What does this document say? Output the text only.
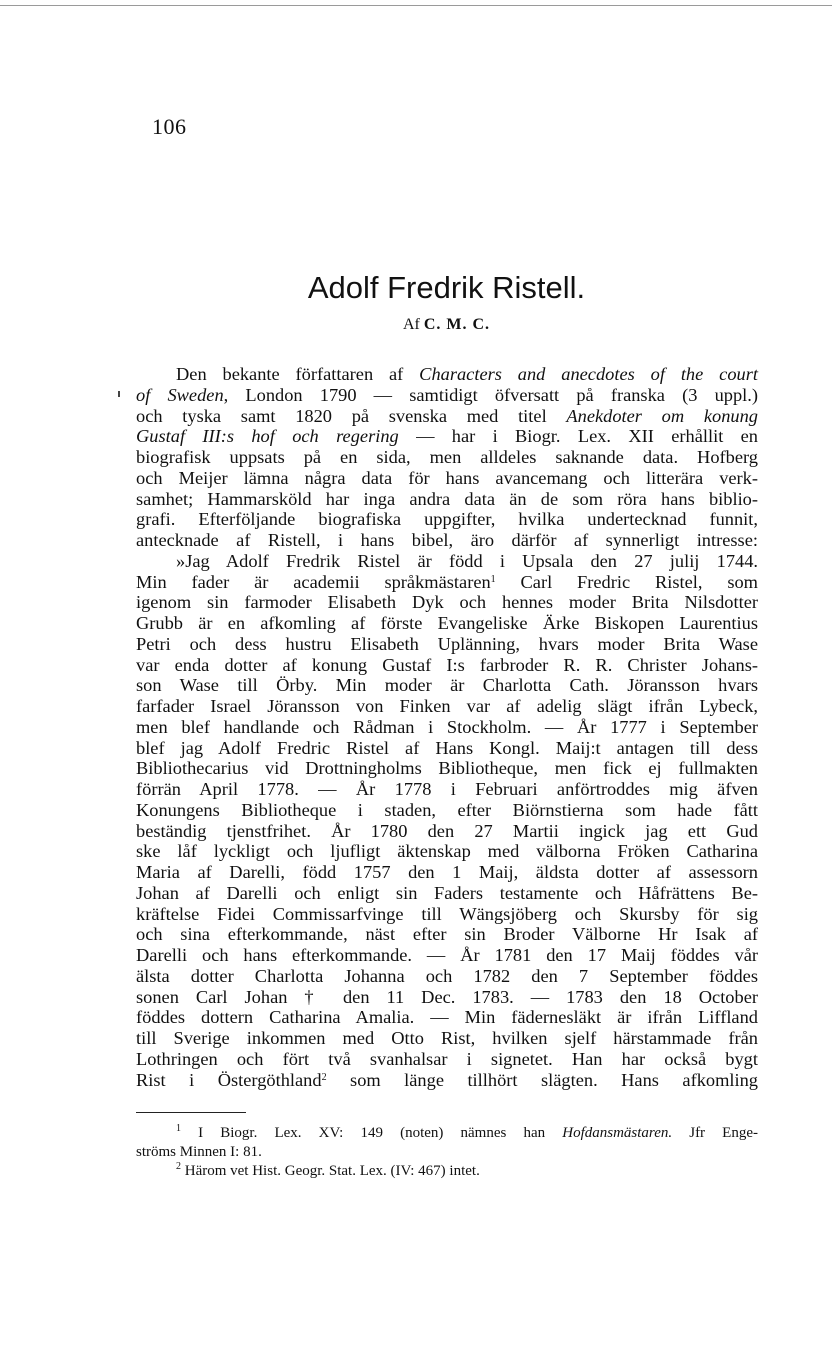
106
Adolf Fredrik Ristell.
Af C. M. C.
Den bekante författaren af Characters and anecdotes of the court
of Sweden, London 1790 — samtidigt öfversatt på franska (3 uppl.)
och tyska samt 1820 på svenska med titel Anekdoter om konung
Gustaf III:s hof och regering — har i Biogr. Lex. XII erhållit en
biografisk uppsats på en sida, men alldeles saknande data. Hofberg
och Meijer lämna några data för hans avancemang och litterära verk-
samhet; Hammarsköld har inga andra data än de som röra hans biblio-
grafi. Efterföljande biografiska uppgifter, hvilka undertecknad funnit,
antecknade af Ristell, i hans bibel, äro därför af synnerligt intresse:
»Jag Adolf Fredrik Ristel är född i Upsala den 27 julij 1744.
Min fader är academii språkmästaren$^1$ Carl Fredric Ristel, som
igenom sin farmoder Elisabeth Dyk och hennes moder Brita Nilsdotter
Grubb är en afkomling af förste Evangeliske Ärke Biskopen Laurentius
Petri och dess hustru Elisabeth Uplänning, hvars moder Brita Wase
var enda dotter af konung Gustaf I:s farbroder R. R. Christer Johans-
son Wase till Örby. Min moder är Charlotta Cath. Jöransson hvars
farfader Israel Jöransson von Finken var af adelig slägt ifrån Lybeck,
men blef handlande och Rådman i Stockholm. — År 1777 i September
blef jag Adolf Fredric Ristel af Hans Kongl. Maij:t antagen till dess
Bibliothecarius vid Drottningholms Bibliotheque, men fick ej fullmakten
förrän April 1778. — År 1778 i Februari anförtroddes mig äfven
Konungens Bibliotheque i staden, efter Biörnstierna som hade fått
beständig tjenstfrihet. År 1780 den 27 Martii ingick jag ett Gud
ske låf lyckligt och ljufligt äktenskap med välborna Fröken Catharina
Maria af Darelli, född 1757 den 1 Maij, äldsta dotter af assessorn
Johan af Darelli och enligt sin Faders testamente och Håfrättens Be-
kräftelse Fidei Commissarfvinge till Wängsjöberg och Skursby för sig
och sina efterkommande, näst efter sin Broder Välborne Hr Isak af
Darelli och hans efterkommande. — År 1781 den 17 Maij föddes vår
älsta dotter Charlotta Johanna och 1782 den 7 September föddes
sonen Carl Johan † den 11 Dec. 1783. — 1783 den 18 October
föddes dottern Catharina Amalia. — Min fädernesläkt är ifrån Liffland
till Sverige inkommen med Otto Rist, hvilken sjelf härstammade från
Lothringen och fört två svanhalsar i signetet. Han har också bygt
Rist i Östergöthland$^2$ som länge tillhört slägten. Hans afkomling
$^1$ I Biogr. Lex. XV: 149 (noten) nämnes han Hofdansmästaren. Jfr Enge-
ströms Minnen I: 81.
$^2$ Härom vet Hist. Geogr. Stat. Lex. (IV: 467) intet.
